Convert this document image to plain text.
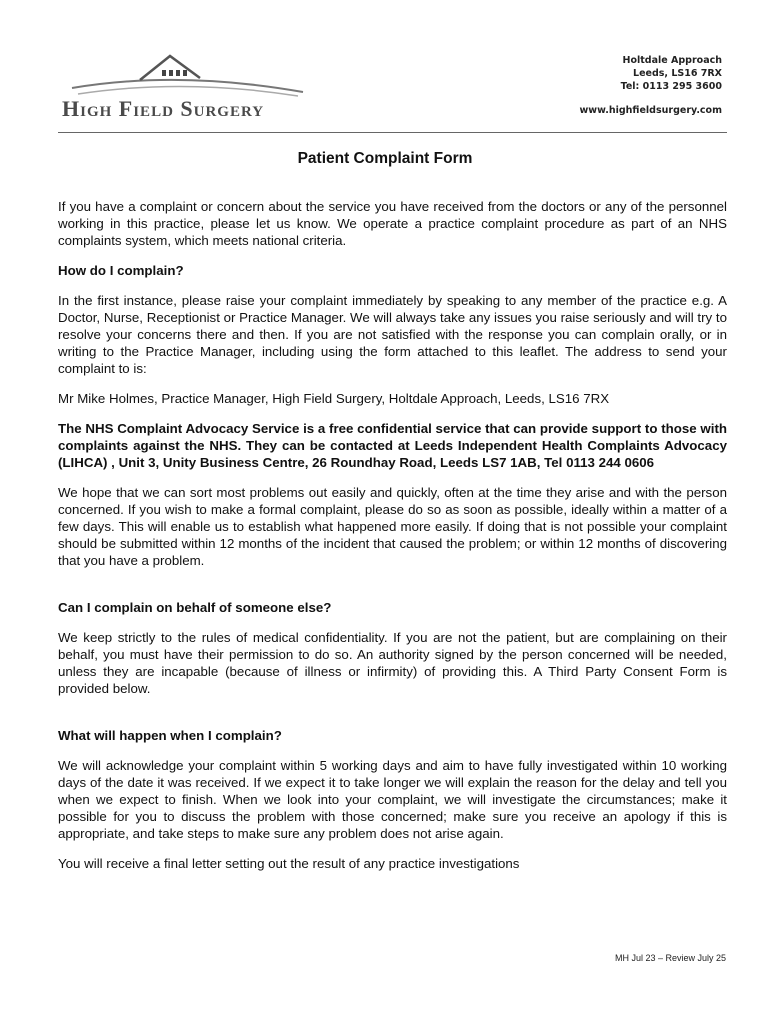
High Field Surgery
Holtdale Approach
Leeds, LS16 7RX
Tel: 0113 295 3600
www.highfieldsurgery.com
Patient Complaint Form

If you have a complaint or concern about the service you have received from the doctors or any of the personnel working in this practice, please let us know. We operate a practice complaint procedure as part of an NHS complaints system, which meets national criteria.

How do I complain?

In the first instance, please raise your complaint immediately by speaking to any member of the practice e.g. A Doctor, Nurse, Receptionist or Practice Manager. We will always take any issues you raise seriously and will try to resolve your concerns there and then. If you are not satisfied with the response you can complain orally, or in writing to the Practice Manager, including using the form attached to this leaflet. The address to send your complaint to is:

Mr Mike Holmes, Practice Manager, High Field Surgery, Holtdale Approach, Leeds, LS16 7RX

The NHS Complaint Advocacy Service is a free confidential service that can provide support to those with complaints against the NHS. They can be contacted at Leeds Independent Health Complaints Advocacy (LIHCA) , Unit 3, Unity Business Centre, 26 Roundhay Road, Leeds LS7 1AB, Tel 0113 244 0606

We hope that we can sort most problems out easily and quickly, often at the time they arise and with the person concerned. If you wish to make a formal complaint, please do so as soon as possible, ideally within a matter of a few days. This will enable us to establish what happened more easily. If doing that is not possible your complaint should be submitted within 12 months of the incident that caused the problem; or within 12 months of discovering that you have a problem.

Can I complain on behalf of someone else?

We keep strictly to the rules of medical confidentiality. If you are not the patient, but are complaining on their behalf, you must have their permission to do so. An authority signed by the person concerned will be needed, unless they are incapable (because of illness or infirmity) of providing this. A Third Party Consent Form is provided below.

What will happen when I complain?

We will acknowledge your complaint within 5 working days and aim to have fully investigated within 10 working days of the date it was received. If we expect it to take longer we will explain the reason for the delay and tell you when we expect to finish. When we look into your complaint, we will investigate the circumstances; make it possible for you to discuss the problem with those concerned; make sure you receive an apology if this is appropriate, and take steps to make sure any problem does not arise again.

You will receive a final letter setting out the result of any practice investigations

MH Jul 23 – Review July 25
